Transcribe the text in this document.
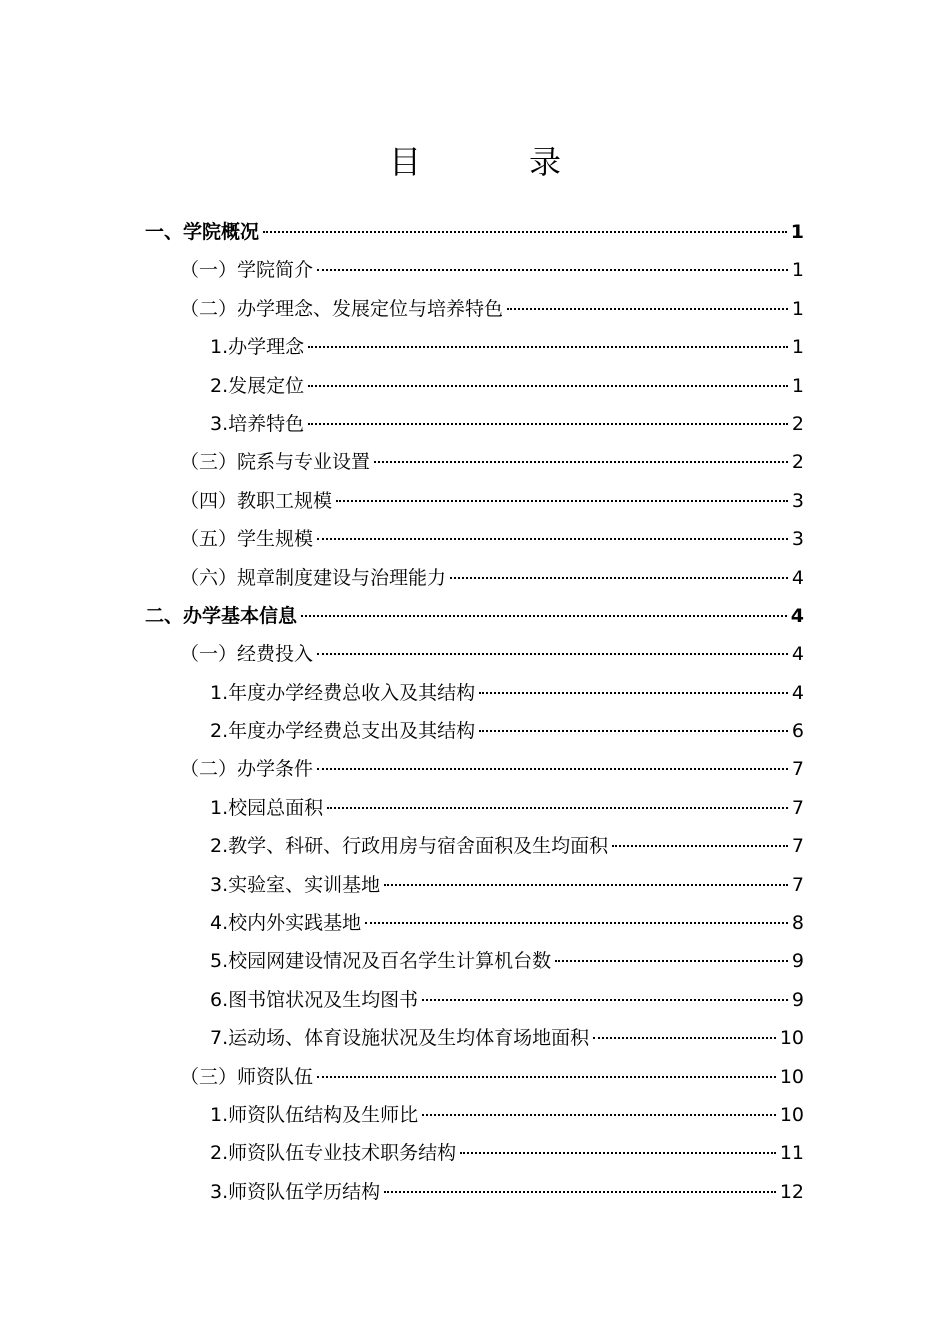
目　录
一、学院概况	1
（一）学院简介	1
（二）办学理念、发展定位与培养特色	1
1.办学理念	1
2.发展定位	1
3.培养特色	2
（三）院系与专业设置	2
（四）教职工规模	3
（五）学生规模	3
（六）规章制度建设与治理能力	4
二、办学基本信息	4
（一）经费投入	4
1.年度办学经费总收入及其结构	4
2.年度办学经费总支出及其结构	6
（二）办学条件	7
1.校园总面积	7
2.教学、科研、行政用房与宿舍面积及生均面积	7
3.实验室、实训基地	7
4.校内外实践基地	8
5.校园网建设情况及百名学生计算机台数	9
6.图书馆状况及生均图书	9
7.运动场、体育设施状况及生均体育场地面积	10
（三）师资队伍	10
1.师资队伍结构及生师比	10
2.师资队伍专业技术职务结构	11
3.师资队伍学历结构	12
